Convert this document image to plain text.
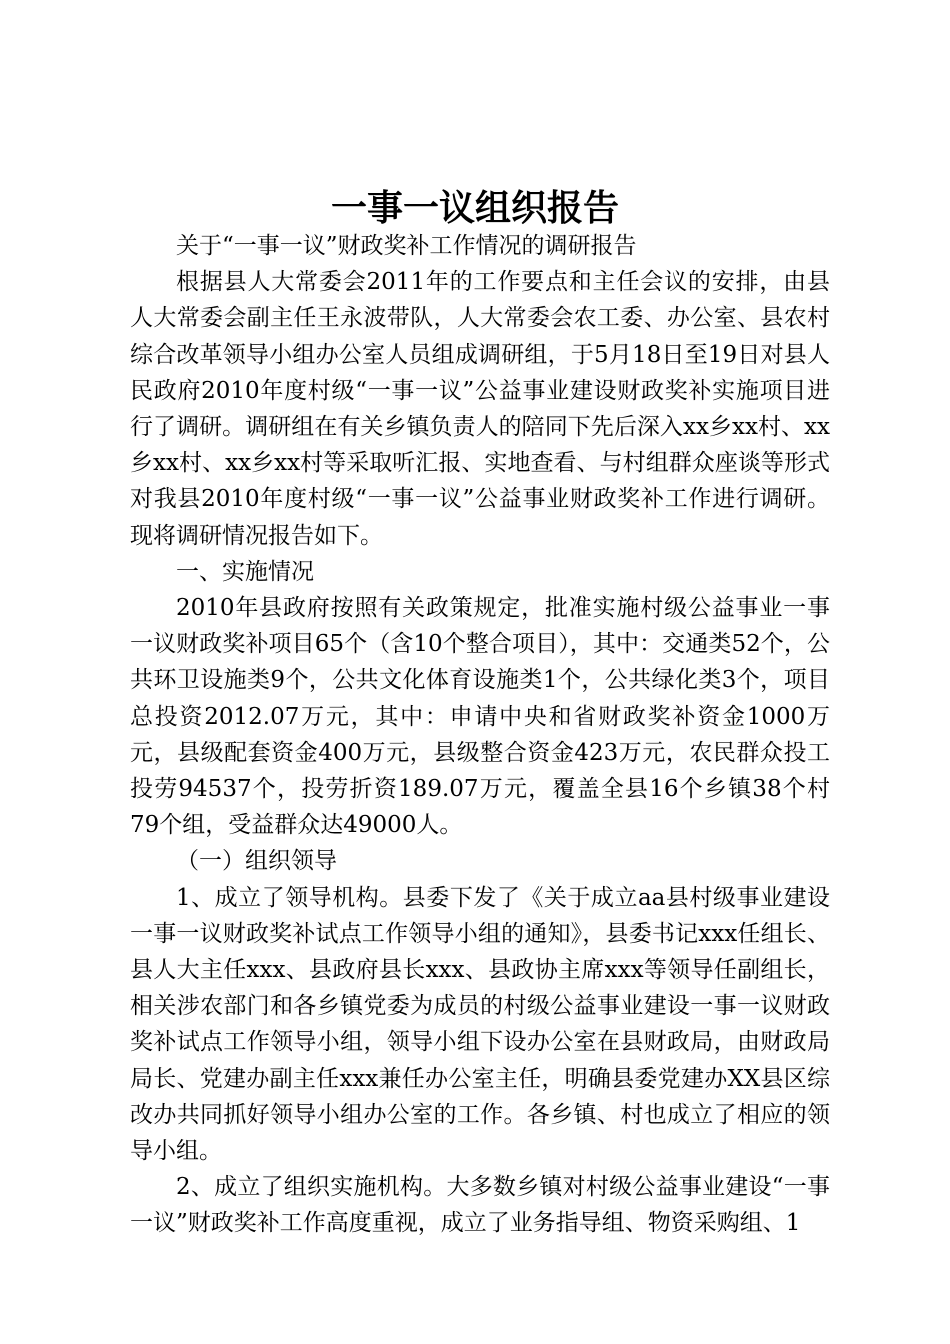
一事一议组织报告

关于“一事一议”财政奖补工作情况的调研报告

根据县人大常委会2011年的工作要点和主任会议的安排，由县人大常委会副主任王永波带队，人大常委会农工委、办公室、县农村综合改革领导小组办公室人员组成调研组，于5月18日至19日对县人民政府2010年度村级“一事一议”公益事业建设财政奖补实施项目进行了调研。调研组在有关乡镇负责人的陪同下先后深入xx乡xx村、xx乡xx村、xx乡xx村等采取听汇报、实地查看、与村组群众座谈等形式对我县2010年度村级“一事一议”公益事业财政奖补工作进行调研。现将调研情况报告如下。

一、实施情况

2010年县政府按照有关政策规定，批准实施村级公益事业一事一议财政奖补项目65个（含10个整合项目），其中：交通类52个，公共环卫设施类9个，公共文化体育设施类1个，公共绿化类3个，项目总投资2012.07万元，其中：申请中央和省财政奖补资金1000万元，县级配套资金400万元，县级整合资金423万元，农民群众投工投劳94537个，投劳折资189.07万元，覆盖全县16个乡镇38个村79个组，受益群众达49000人。

（一）组织领导

1、成立了领导机构。县委下发了《关于成立aa县村级事业建设一事一议财政奖补试点工作领导小组的通知》，县委书记xxx任组长、县人大主任xxx、县政府县长xxx、县政协主席xxx等领导任副组长，相关涉农部门和各乡镇党委为成员的村级公益事业建设一事一议财政奖补试点工作领导小组，领导小组下设办公室在县财政局，由财政局局长、党建办副主任xxx兼任办公室主任，明确县委党建办XX县区综改办共同抓好领导小组办公室的工作。各乡镇、村也成立了相应的领导小组。

2、成立了组织实施机构。大多数乡镇对村级公益事业建设“一事一议”财政奖补工作高度重视，成立了业务指导组、物资采购组、1
